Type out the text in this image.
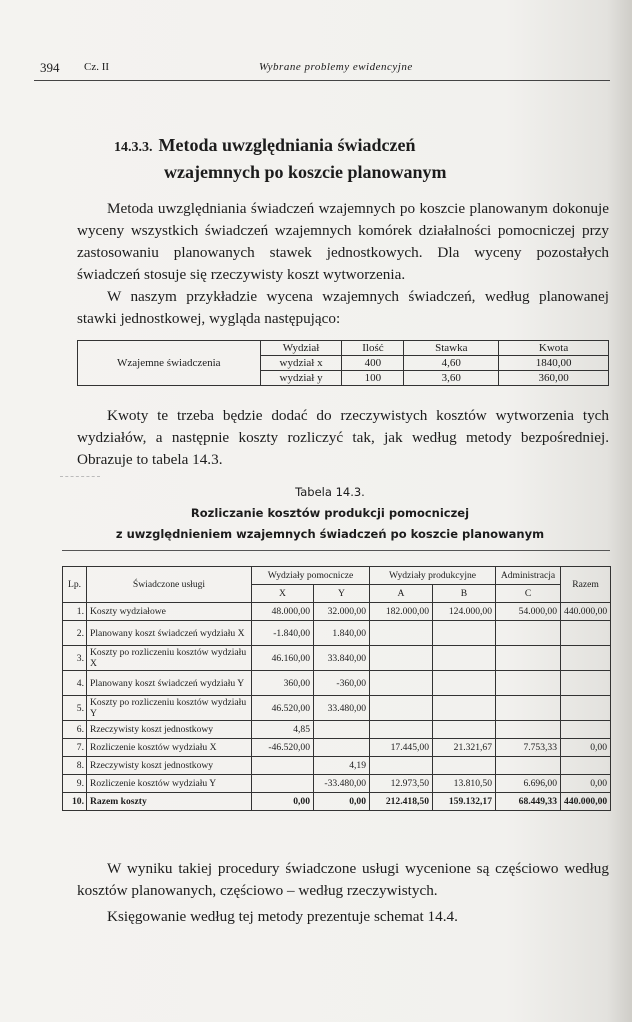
394 Cz. II	Wybrane problemy ewidencyjne
14.3.3. Metoda uwzględniania świadczeń
wzajemnych po koszcie planowanym
Metoda uwzględniania świadczeń wzajemnych po koszcie planowanym dokonuje wyceny wszystkich świadczeń wzajemnych komórek działalności pomocniczej przy zastosowaniu planowanych stawek jednostkowych. Dla wyceny pozostałych świadczeń stosuje się rzeczywisty koszt wytworzenia.
W naszym przykładzie wycena wzajemnych świadczeń, według planowanej stawki jednostkowej, wygląda następująco:
Wzajemne świadczenia	Wydział	Ilość	Stawka	Kwota
	wydział x	400	4,60	1840,00
	wydział y	100	3,60	360,00
Kwoty te trzeba będzie dodać do rzeczywistych kosztów wytworzenia tych wydziałów, a następnie koszty rozliczyć tak, jak według metody bezpośredniej. Obrazuje to tabela 14.3.
Tabela 14.3.
Rozliczanie kosztów produkcji pomocniczej
z uwzględnieniem wzajemnych świadczeń po koszcie planowanym
Lp.	Świadczone usługi	Wydziały pomocnicze		Wydziały produkcyjne		Administracja	Razem
		X	Y	A	B	C	
1.	Koszty wydziałowe	48.000,00	32.000,00	182.000,00	124.000,00	54.000,00	440.000,00
2.	Planowany koszt świadczeń wydziału X	-1.840,00	1.840,00				
3.	Koszty po rozliczeniu kosztów wydziału X	46.160,00	33.840,00				
4.	Planowany koszt świadczeń wydziału Y	360,00	-360,00				
5.	Koszty po rozliczeniu kosztów wydziału Y	46.520,00	33.480,00				
6.	Rzeczywisty koszt jednostkowy	4,85					
7.	Rozliczenie kosztów wydziału X	-46.520,00		17.445,00	21.321,67	7.753,33	0,00
8.	Rzeczywisty koszt jednostkowy		4,19				
9.	Rozliczenie kosztów wydziału Y		-33.480,00	12.973,50	13.810,50	6.696,00	0,00
10.	Razem koszty	0,00	0,00	212.418,50	159.132,17	68.449,33	440.000,00
W wyniku takiej procedury świadczone usługi wycenione są częściowo według kosztów planowanych, częściowo – według rzeczywistych.
Księgowanie według tej metody prezentuje schemat 14.4.
